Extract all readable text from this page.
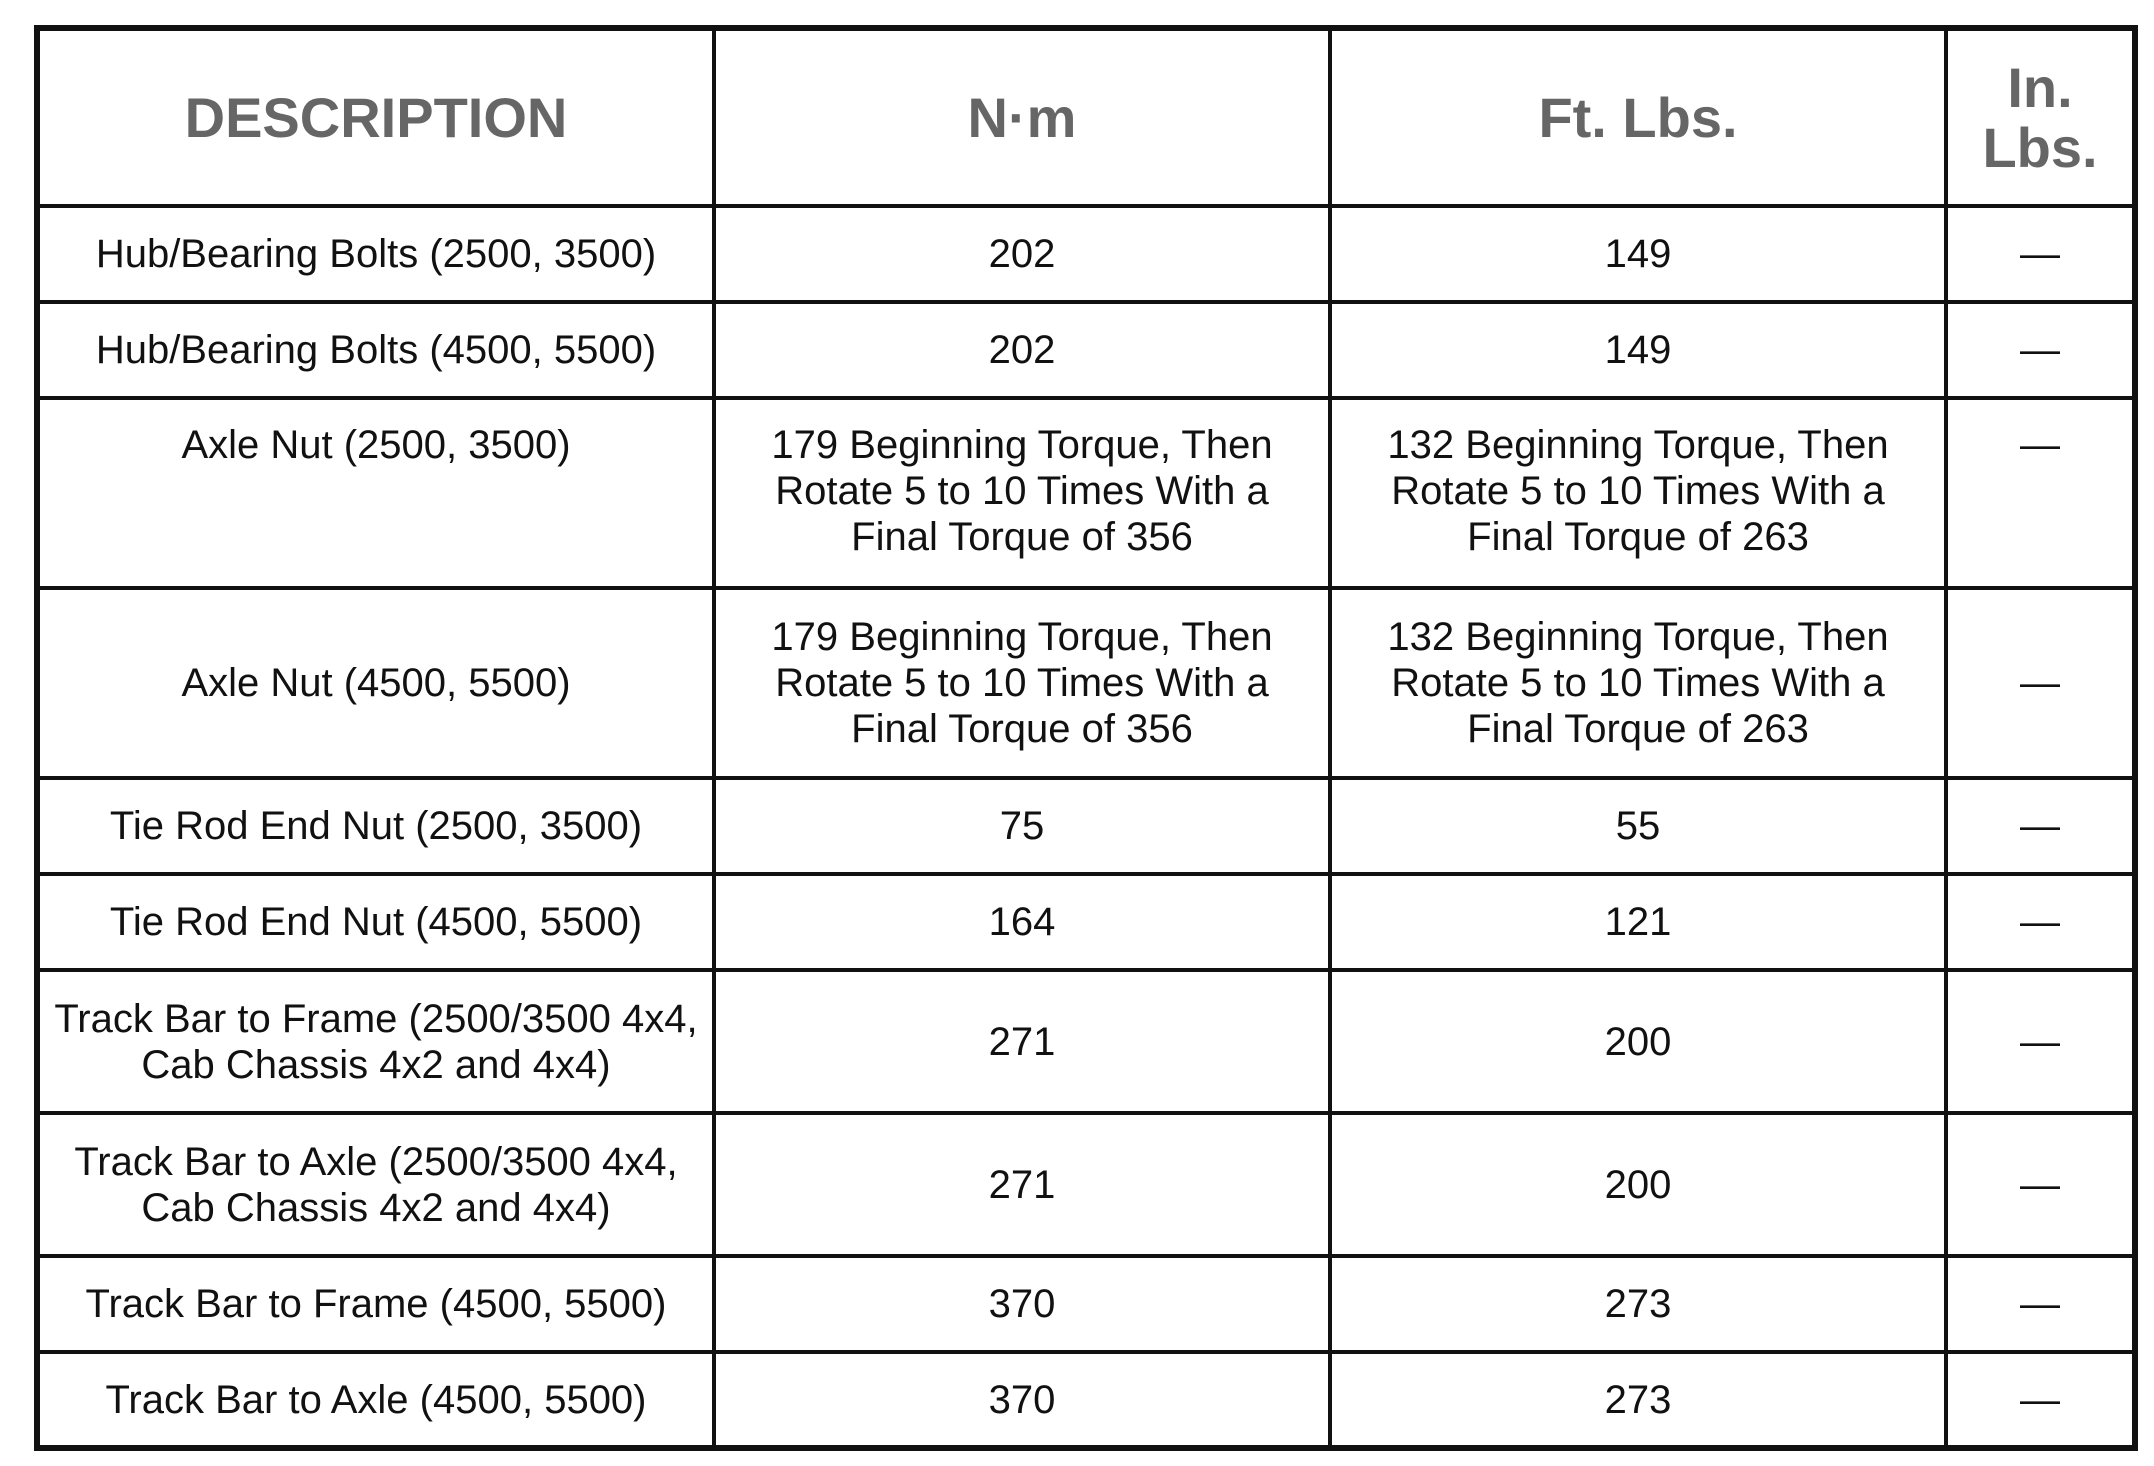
DESCRIPTION	N·m	Ft. Lbs.	In. Lbs.
Hub/Bearing Bolts (2500, 3500)	202	149	—
Hub/Bearing Bolts (4500, 5500)	202	149	—
Axle Nut (2500, 3500)	179 Beginning Torque, Then Rotate 5 to 10 Times With a Final Torque of 356	132 Beginning Torque, Then Rotate 5 to 10 Times With a Final Torque of 263	—
Axle Nut (4500, 5500)	179 Beginning Torque, Then Rotate 5 to 10 Times With a Final Torque of 356	132 Beginning Torque, Then Rotate 5 to 10 Times With a Final Torque of 263	—
Tie Rod End Nut (2500, 3500)	75	55	—
Tie Rod End Nut (4500, 5500)	164	121	—
Track Bar to Frame (2500/3500 4x4, Cab Chassis 4x2 and 4x4)	271	200	—
Track Bar to Axle (2500/3500 4x4, Cab Chassis 4x2 and 4x4)	271	200	—
Track Bar to Frame (4500, 5500)	370	273	—
Track Bar to Axle (4500, 5500)	370	273	—
